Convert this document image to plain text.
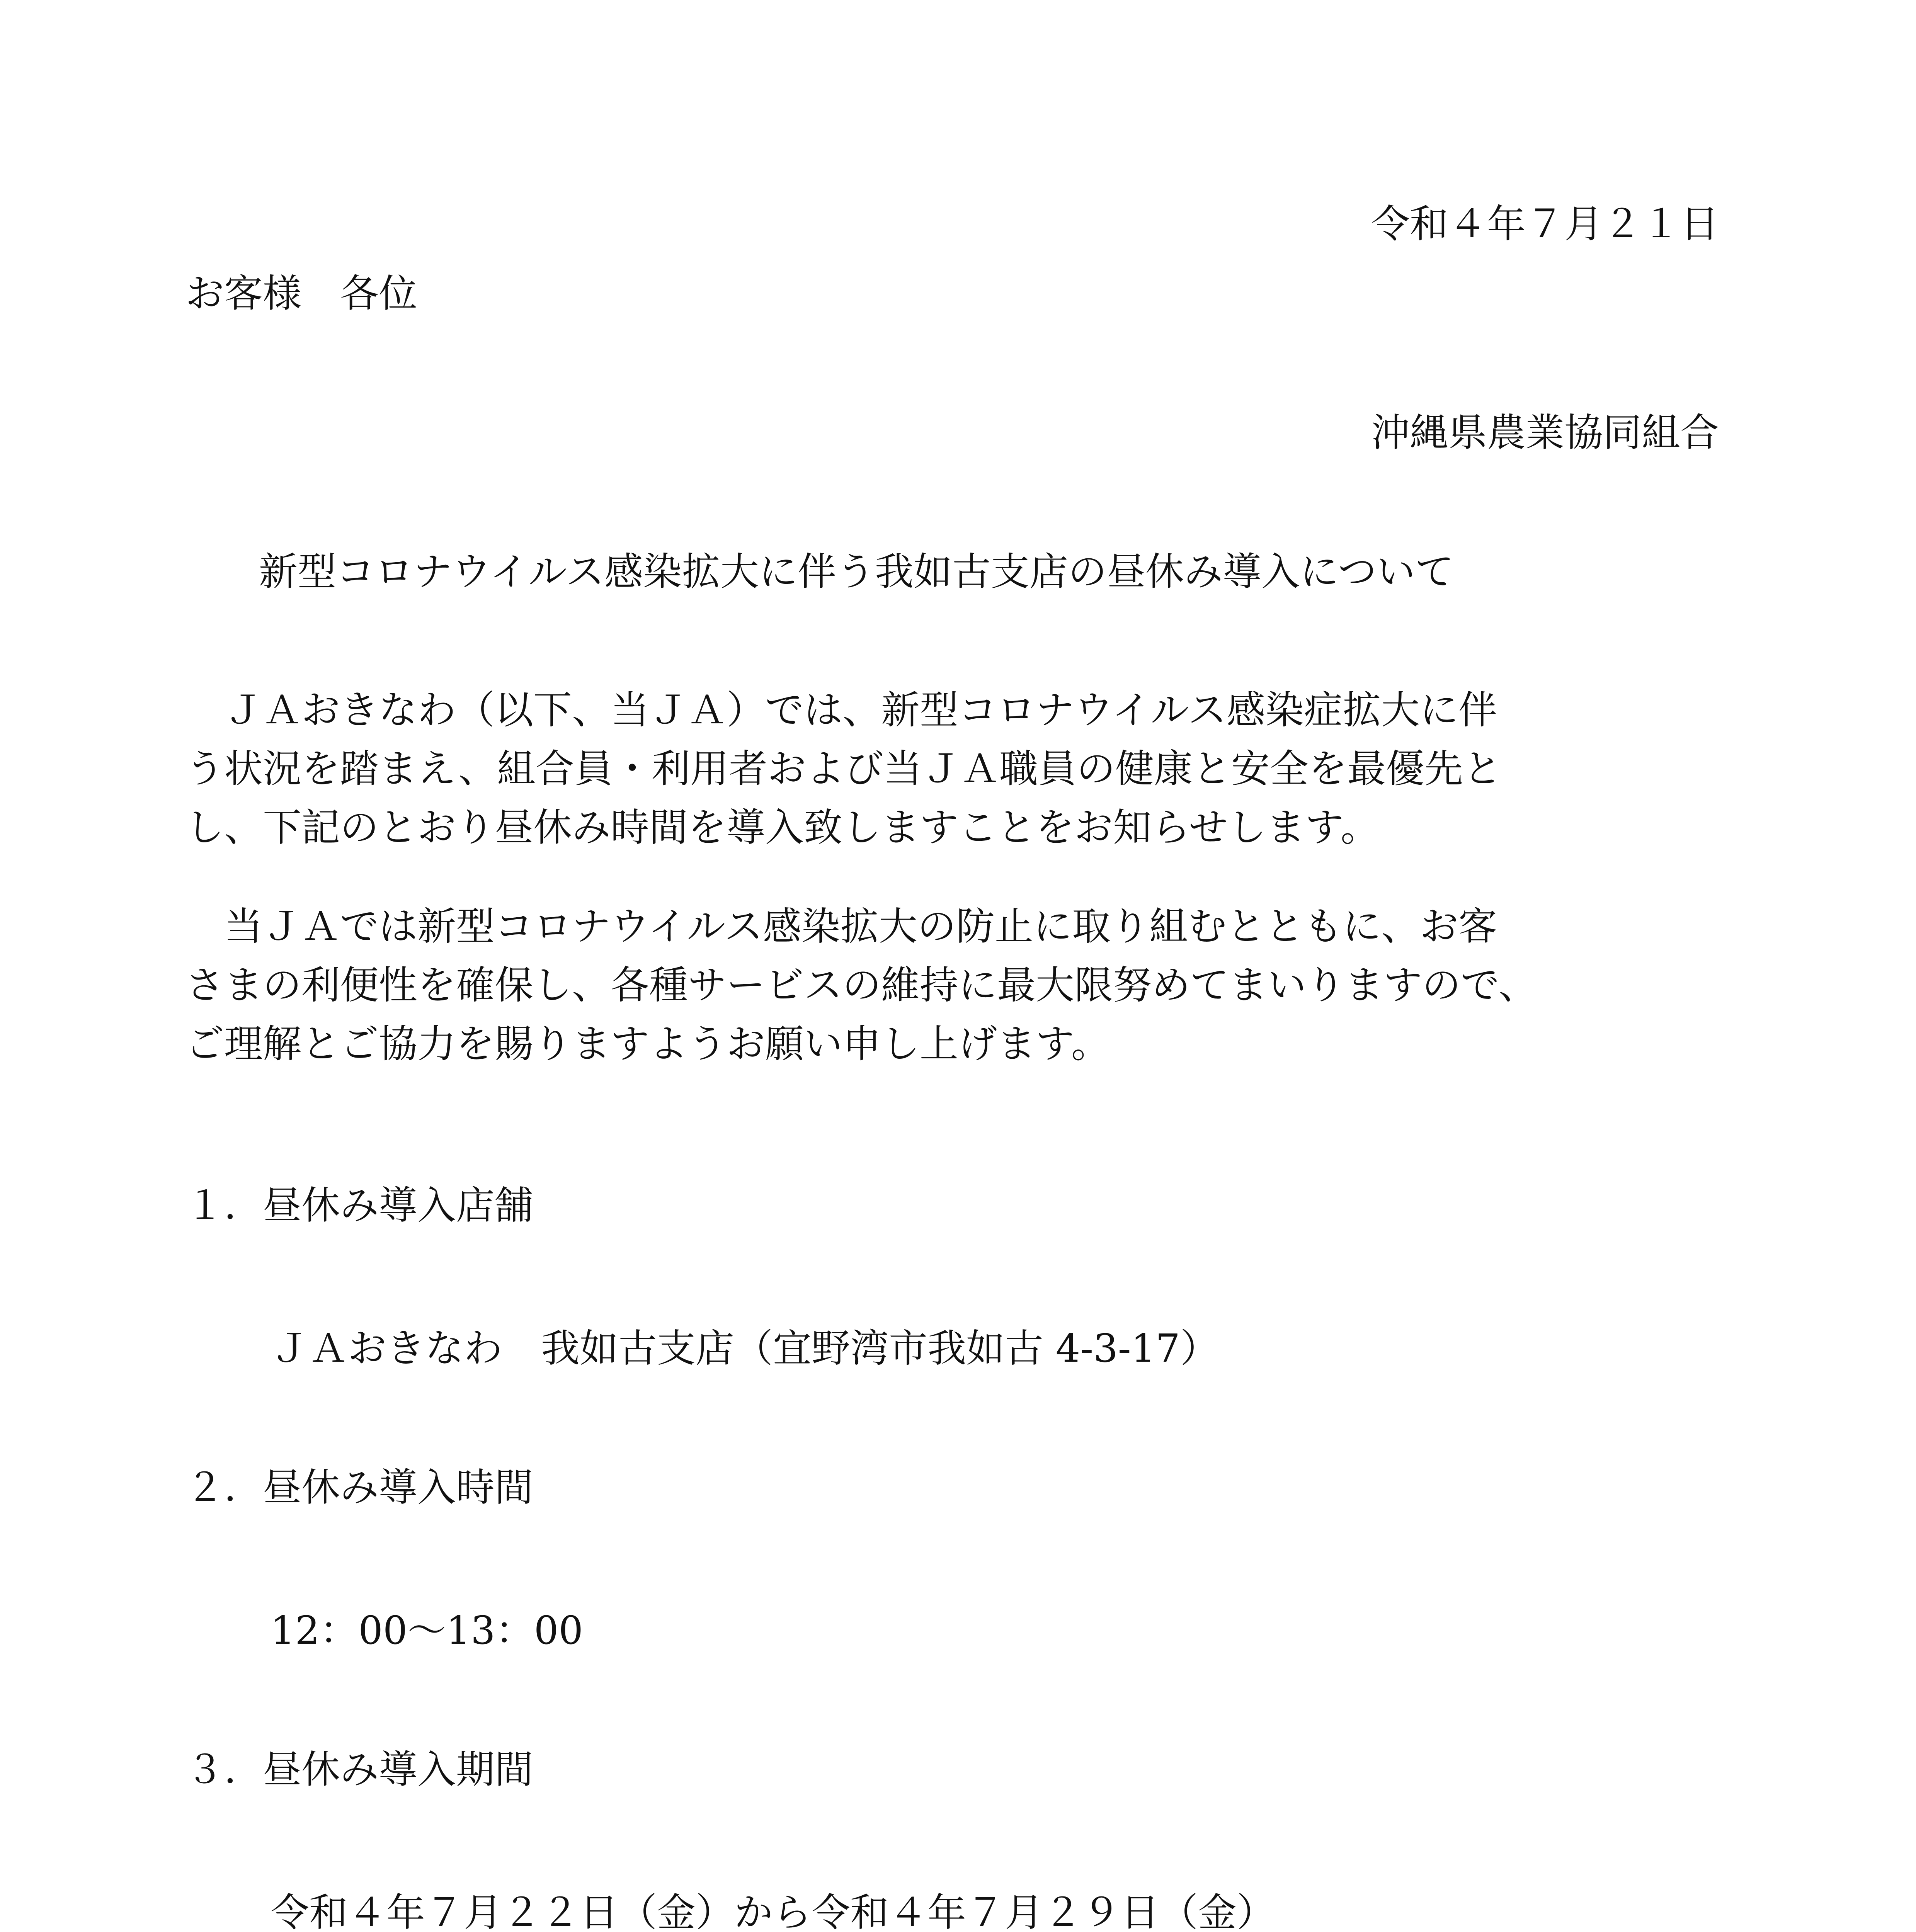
令和４年７月２１日
お客様　各位
沖縄県農業協同組合
新型コロナウイルス感染拡大に伴う我如古支店の昼休み導入について
　ＪＡおきなわ（以下、当ＪＡ）では、新型コロナウイルス感染症拡大に伴
う状況を踏まえ、組合員・利用者および当ＪＡ職員の健康と安全を最優先と
し、下記のとおり昼休み時間を導入致しますことをお知らせします。
　当ＪＡでは新型コロナウイルス感染拡大の防止に取り組むとともに、お客
さまの利便性を確保し、各種サービスの維持に最大限努めてまいりますので、
ご理解とご協力を賜りますようお願い申し上げます。
１．昼休み導入店舗
ＪＡおきなわ　我如古支店（宜野湾市我如古 4-3-17）
２．昼休み導入時間
12：00～13：00
３．昼休み導入期間
令和４年７月２２日（金）から令和４年７月２９日（金）
